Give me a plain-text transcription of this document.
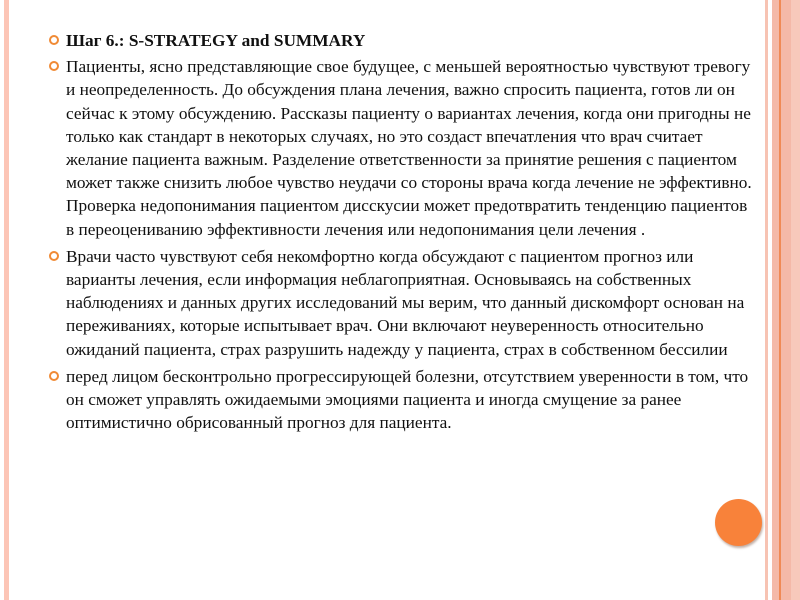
Шаг 6.: S-STRATEGY and SUMMARY
Пациенты, ясно представляющие свое будущее, с меньшей вероятностью чувствуют тревогу и неопределенность. До обсуждения плана лечения, важно спросить пациента, готов ли он сейчас к этому обсуждению. Рассказы пациенту о вариантах лечения, когда они пригодны не только как стандарт в некоторых случаях, но это создаст впечатления что врач считает желание пациента важным. Разделение ответственности за принятие решения с пациентом может также снизить любое чувство неудачи со стороны врача когда лечение не эффективно. Проверка недопонимания пациентом дисскусии может предотвратить тенденцию пациентов в переоцениванию эффективности лечения или недопонимания цели лечения .
Врачи часто чувствуют себя некомфортно когда обсуждают с пациентом прогноз или варианты лечения, если информация неблагоприятная. Основываясь на собственных наблюдениях и данных других исследований мы верим, что данный дискомфорт основан на переживаниях, которые испытывает врач. Они включают неуверенность относительно ожиданий пациента, страх разрушить надежду у пациента, страх в собственном бессилии
перед лицом бесконтрольно прогрессирующей болезни, отсутствием уверенности в том, что он сможет управлять ожидаемыми эмоциями пациента и иногда смущение за ранее оптимистично обрисованный прогноз для пациента.
